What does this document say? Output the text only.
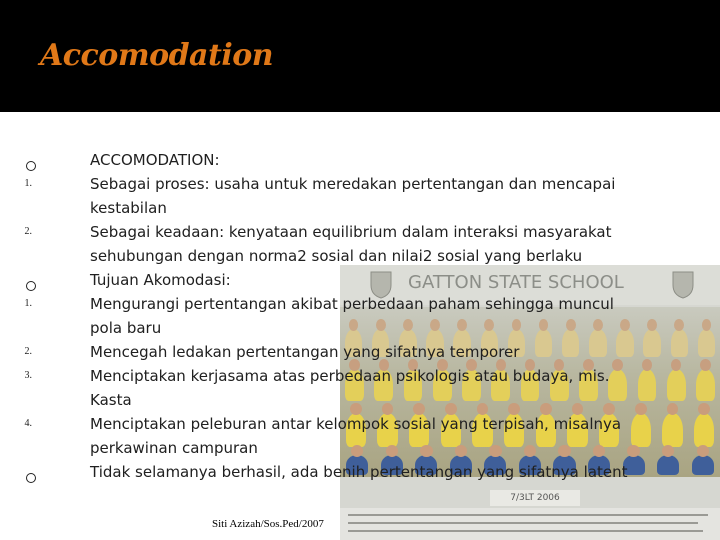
Accomodation
GATTON STATE SCHOOL
7/3LT 2006
ACCOMODATION:
1.	Sebagai proses: usaha untuk meredakan pertentangan dan mencapai
kestabilan
2.	Sebagai keadaan: kenyataan equilibrium dalam interaksi masyarakat
sehubungan dengan norma2 sosial dan nilai2 sosial yang berlaku
Tujuan Akomodasi:
1.	Mengurangi pertentangan akibat perbedaan paham sehingga muncul
pola baru
2.	Mencegah ledakan pertentangan yang sifatnya temporer
3.	Menciptakan kerjasama atas perbedaan psikologis atau budaya, mis.
Kasta
4.	Menciptakan peleburan antar kelompok sosial yang terpisah, misalnya
perkawinan campuran
Tidak selamanya berhasil, ada benih pertentangan yang sifatnya latent
Siti Azizah/Sos.Ped/2007
